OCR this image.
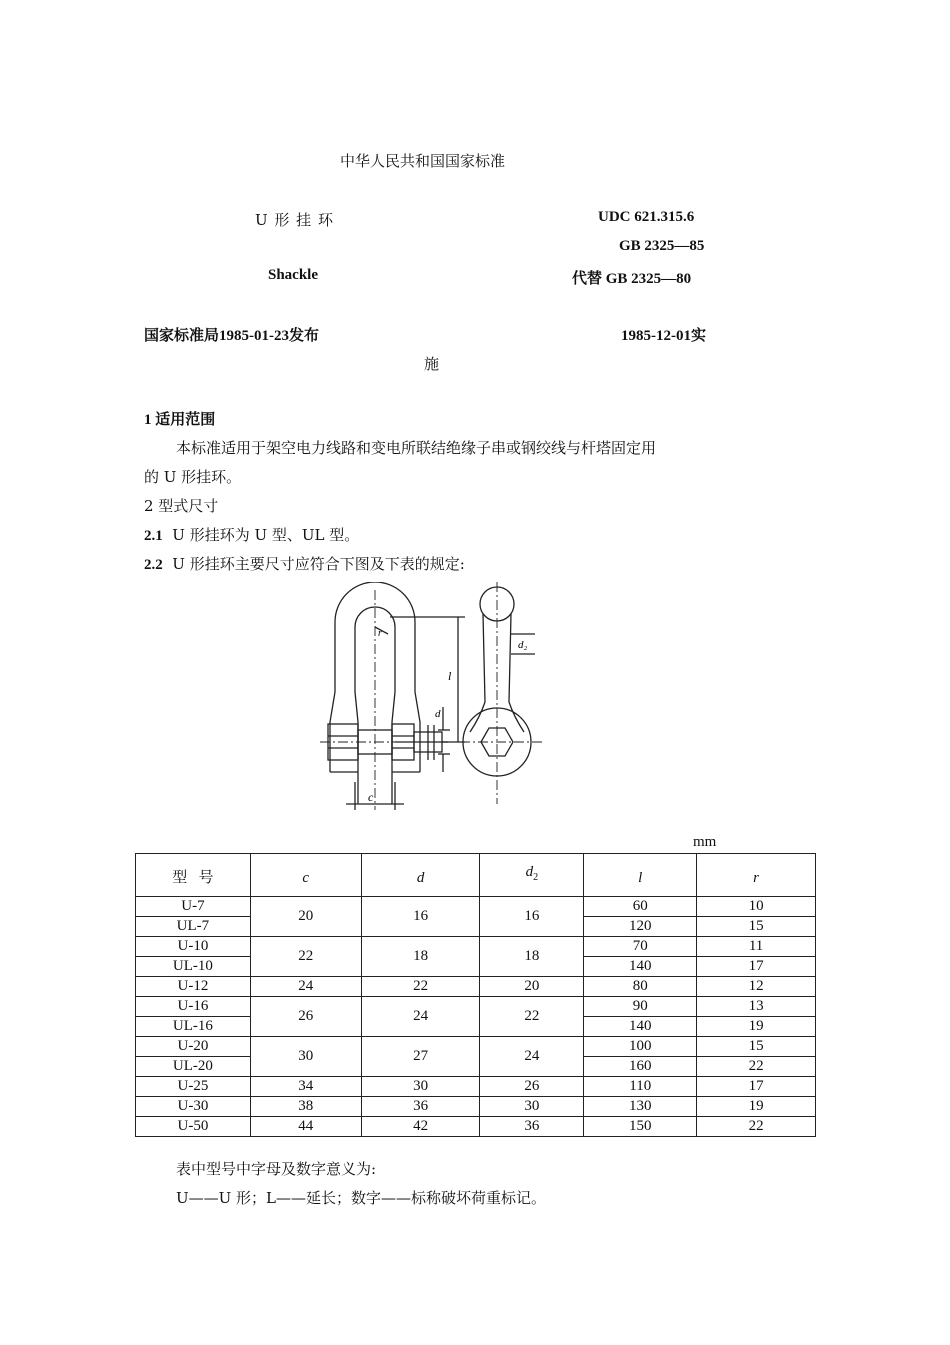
中华人民共和国国家标准
U 形 挂 环	UDC 621.315.6
GB 2325—85
Shackle	代替 GB 2325—80
国家标准局1985-01-23发布	1985-12-01实
施
1 适用范围
本标准适用于架空电力线路和变电所联结绝缘子串或钢绞线与杆塔固定用
的 U 形挂环。
2 型式尺寸
2.1 U 形挂环为 U 型、UL 型。
2.2 U 形挂环主要尺寸应符合下图及下表的规定:
c
d
l
r
d₂
mm
型   号	c	d	$d_2$	l	r
U-7	20	16	16	60	10
UL-7				120	15
U-10	22	18	18	70	11
UL-10				140	17
U-12	24	22	20	80	12
U-16	26	24	22	90	13
UL-16				140	19
U-20	30	27	24	100	15
UL-20				160	22
U-25	34	30	26	110	17
U-30	38	36	30	130	19
U-50	44	42	36	150	22
表中型号中字母及数字意义为:
U——U 形；L——延长；数字——标称破坏荷重标记。
